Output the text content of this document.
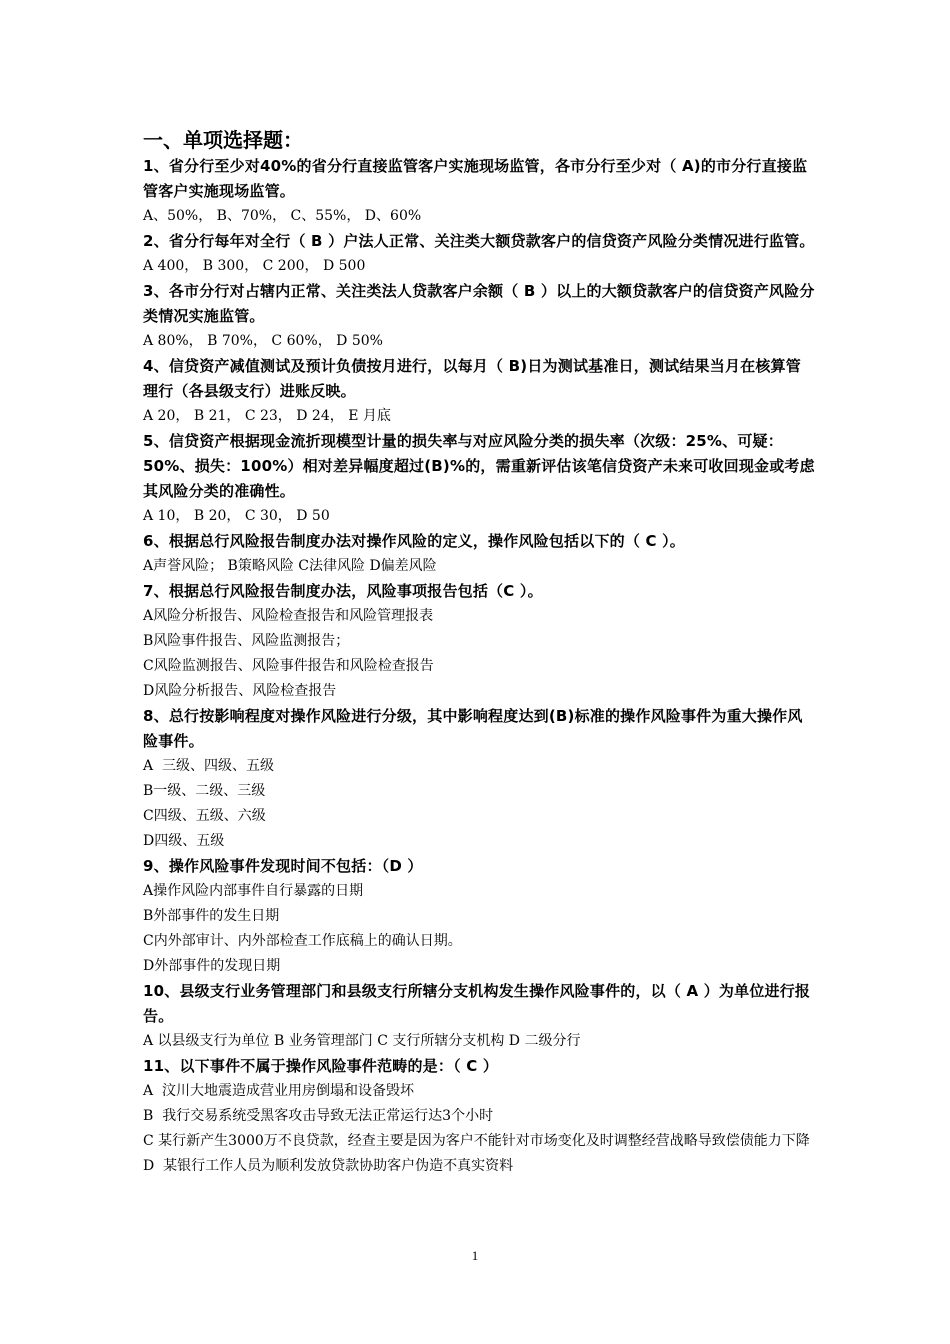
一、单项选择题：

1、省分行至少对40%的省分行直接监管客户实施现场监管，各市分行至少对（ A)的市分行直接监管客户实施现场监管。

A、50%， B、70%， C、55%， D、60%

2、省分行每年对全行（ B ）户法人正常、关注类大额贷款客户的信贷资产风险分类情况进行监管。

A 400， B 300， C 200， D 500

3、各市分行对占辖内正常、关注类法人贷款客户余额（ B ）以上的大额贷款客户的信贷资产风险分类情况实施监管。

A 80%， B 70%， C 60%， D 50%

4、信贷资产减值测试及预计负债按月进行，以每月（ B)日为测试基准日，测试结果当月在核算管理行（各县级支行）进账反映。

A 20， B 21， C 23， D 24， E 月底

5、信贷资产根据现金流折现模型计量的损失率与对应风险分类的损失率（次级：25%、可疑：50%、损失：100%）相对差异幅度超过(B)%的，需重新评估该笔信贷资产未来可收回现金或考虑其风险分类的准确性。

A 10， B 20， C 30， D 50

6、根据总行风险报告制度办法对操作风险的定义，操作风险包括以下的（ C ）。

A声誉风险； B策略风险 C法律风险 D偏差风险

7、根据总行风险报告制度办法，风险事项报告包括（C ）。

A风险分析报告、风险检查报告和风险管理报表

B风险事件报告、风险监测报告；

C风险监测报告、风险事件报告和风险检查报告

D风险分析报告、风险检查报告

8、总行按影响程度对操作风险进行分级，其中影响程度达到(B)标准的操作风险事件为重大操作风险事件。

A  三级、四级、五级

B一级、二级、三级

C四级、五级、六级

D四级、五级

9、操作风险事件发现时间不包括：（D ）

A操作风险内部事件自行暴露的日期

B外部事件的发生日期

C内外部审计、内外部检查工作底稿上的确认日期。

D外部事件的发现日期

10、县级支行业务管理部门和县级支行所辖分支机构发生操作风险事件的，以（ A ）为单位进行报告。

A 以县级支行为单位 B 业务管理部门 C 支行所辖分支机构 D 二级分行

11、以下事件不属于操作风险事件范畴的是：（ C ）

A  汶川大地震造成营业用房倒塌和设备毁坏

B  我行交易系统受黑客攻击导致无法正常运行达3个小时

C 某行新产生3000万不良贷款，经查主要是因为客户不能针对市场变化及时调整经营战略导致偿债能力下降

D  某银行工作人员为顺利发放贷款协助客户伪造不真实资料

1
